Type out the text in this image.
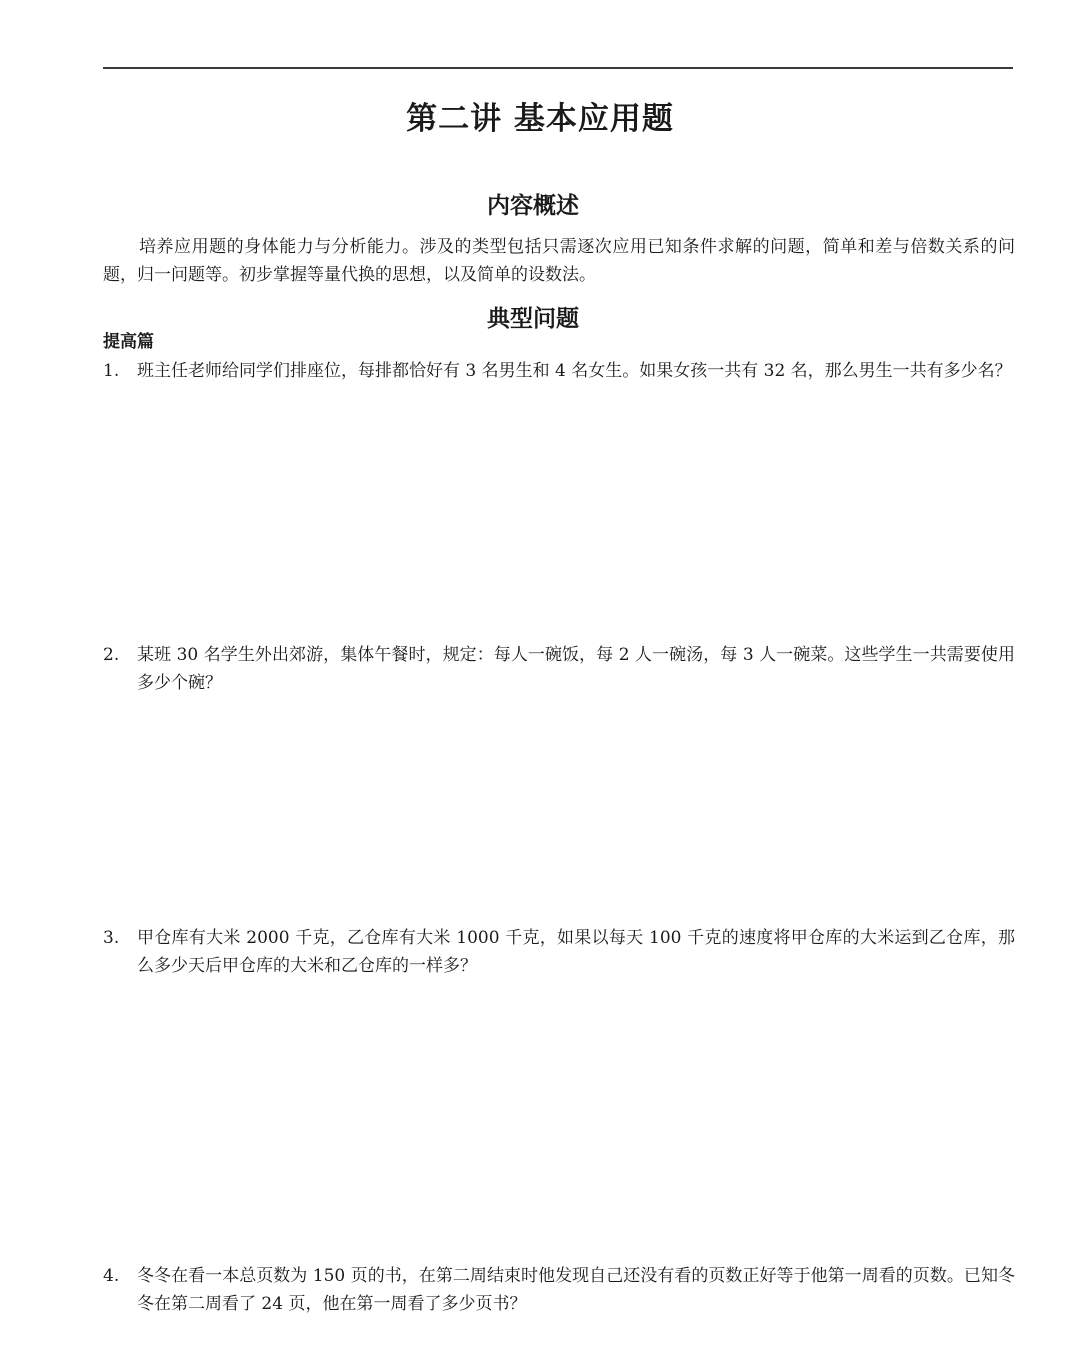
第二讲 基本应用题
内容概述

培养应用题的身体能力与分析能力。涉及的类型包括只需逐次应用已知条件求解的问题，简单和差与倍数关系的问题，归一问题等。初步掌握等量代换的思想，以及简单的设数法。

典型问题
提高篇
1.	班主任老师给同学们排座位，每排都恰好有 3 名男生和 4 名女生。如果女孩一共有 32 名，那么男生一共有多少名？
2.	某班 30 名学生外出郊游，集体午餐时，规定：每人一碗饭，每 2 人一碗汤，每 3 人一碗菜。这些学生一共需要使用多少个碗？
3.	甲仓库有大米 2000 千克，乙仓库有大米 1000 千克，如果以每天 100 千克的速度将甲仓库的大米运到乙仓库，那么多少天后甲仓库的大米和乙仓库的一样多？
4.	冬冬在看一本总页数为 150 页的书，在第二周结束时他发现自己还没有看的页数正好等于他第一周看的页数。已知冬冬在第二周看了 24 页，他在第一周看了多少页书？
